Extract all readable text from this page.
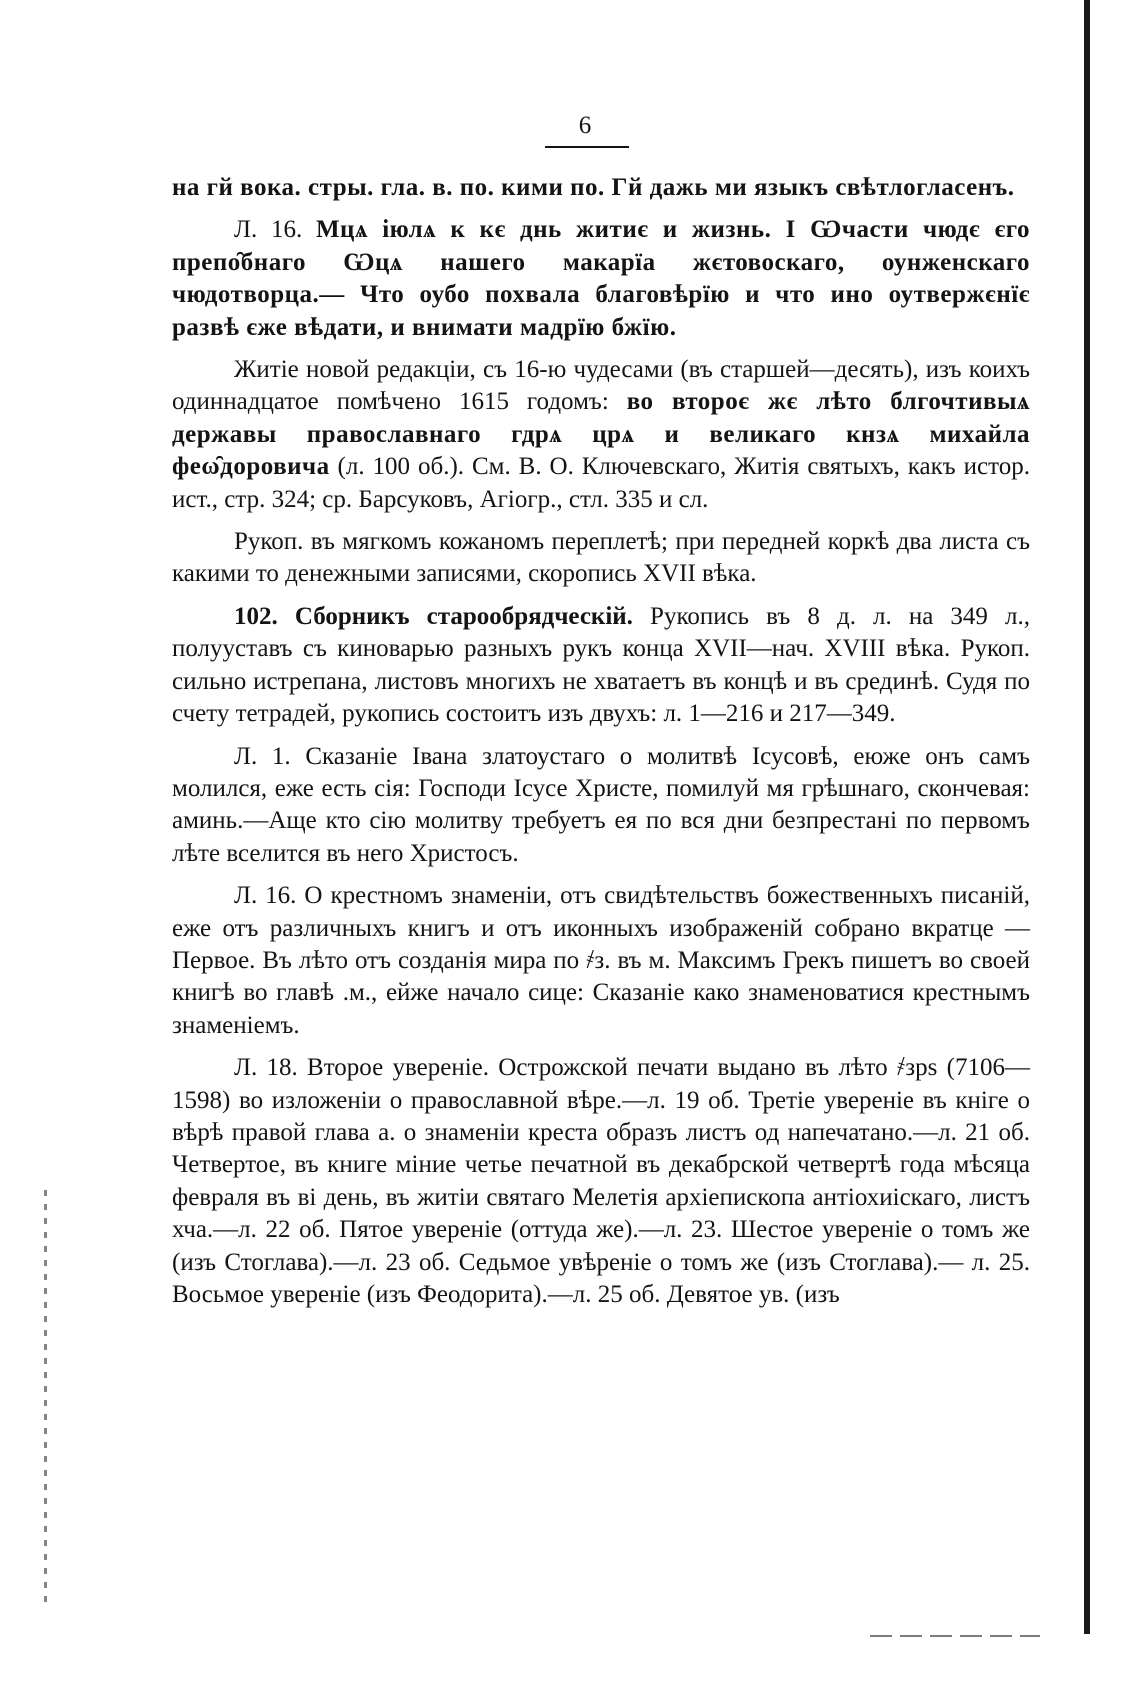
6

на гй вока. стры. гла. в. по. кими по. Гй дажь ми языкъ свѣтлогласенъ.

Л. 16. Мцѧ іюлѧ к кє днь житиє и жизнь. І Ѡчасти чюдє єго препо̑бнаго Ѡцѧ нашего макарїа жєтовоскаго, оунженскаго чюдотворца.— Что оубо похвала благовѣрїю и что ино оутвержєнїє развѣ єже вѣдати, и внимати мадрїю бжїю.

Житіе новой редакціи, съ 16-ю чудесами (въ старшей—десять), изъ коихъ одиннадцатое помѣчено 1615 годомъ: во вторοє жє лѣто блгочтивыѧ державы православнаго гдрѧ црѧ и великаго кнзѧ михайла феω̑доровича (л. 100 об.). См. В. О. Ключевскаго, Житія святыхъ, какъ истор. ист., стр. 324; ср. Барсуковъ, Агіогр., стл. 335 и сл.

Рукоп. въ мягкомъ кожаномъ переплетѣ; при передней коркѣ два листа съ какими то денежными записями, скоропись XVII вѣка.

102. Сборникъ старообрядческій. Рукопись въ 8 д. л. на 349 л., полууставъ съ киноварью разныхъ рукъ конца XVII—нач. XVIII вѣка. Рукоп. сильно истрепана, листовъ многихъ не хватаетъ въ концѣ и въ срединѣ. Судя по счету тетрадей, рукопись состоитъ изъ двухъ: л. 1—216 и 217—349.

Л. 1. Сказаніе Івана златоустаго о молитвѣ Ісусовѣ, еюже онъ самъ молился, еже есть сія: Господи Ісусе Христе, помилуй мя грѣшнаго, скончевая: аминь.—Аще кто сію молитву требуетъ ея по вся дни безпрестані по первомъ лѣте вселится въ него Христосъ.

Л. 16. О крестномъ знаменіи, отъ свидѣтельствъ божественныхъ писаній, еже отъ различныхъ книгъ и отъ иконныхъ изображеній собрано вкратце —Первое. Въ лѣто отъ созданія мира по ҂з. въ м. Максимъ Грекъ пишетъ во своей книгѣ во главѣ .м., ейже начало сице: Сказаніе како знаменоватися крестнымъ знаменіемъ.

Л. 18. Второе увереніе. Острожской печати выдано въ лѣто ҂зрѕ (7106—1598) во изложеніи о православной вѣре.—л. 19 об. Третіе увереніе въ кніге о вѣрѣ правой глава а. о знаменіи креста образъ листъ од напечатано.—л. 21 об. Четвертое, въ книге міние четье печатной въ декабрской четвертѣ года мѣсяца февраля въ ві день, въ житіи святаго Мелетія архіепископа антіохиіскаго, листъ хча.—л. 22 об. Пятое увереніе (оттуда же).—л. 23. Шестое увереніе о томъ же (изъ Стоглава).—л. 23 об. Седьмое увѣреніе о томъ же (изъ Стоглава).— л. 25. Восьмое увереніе (изъ Феодорита).—л. 25 об. Девятое ув. (изъ
